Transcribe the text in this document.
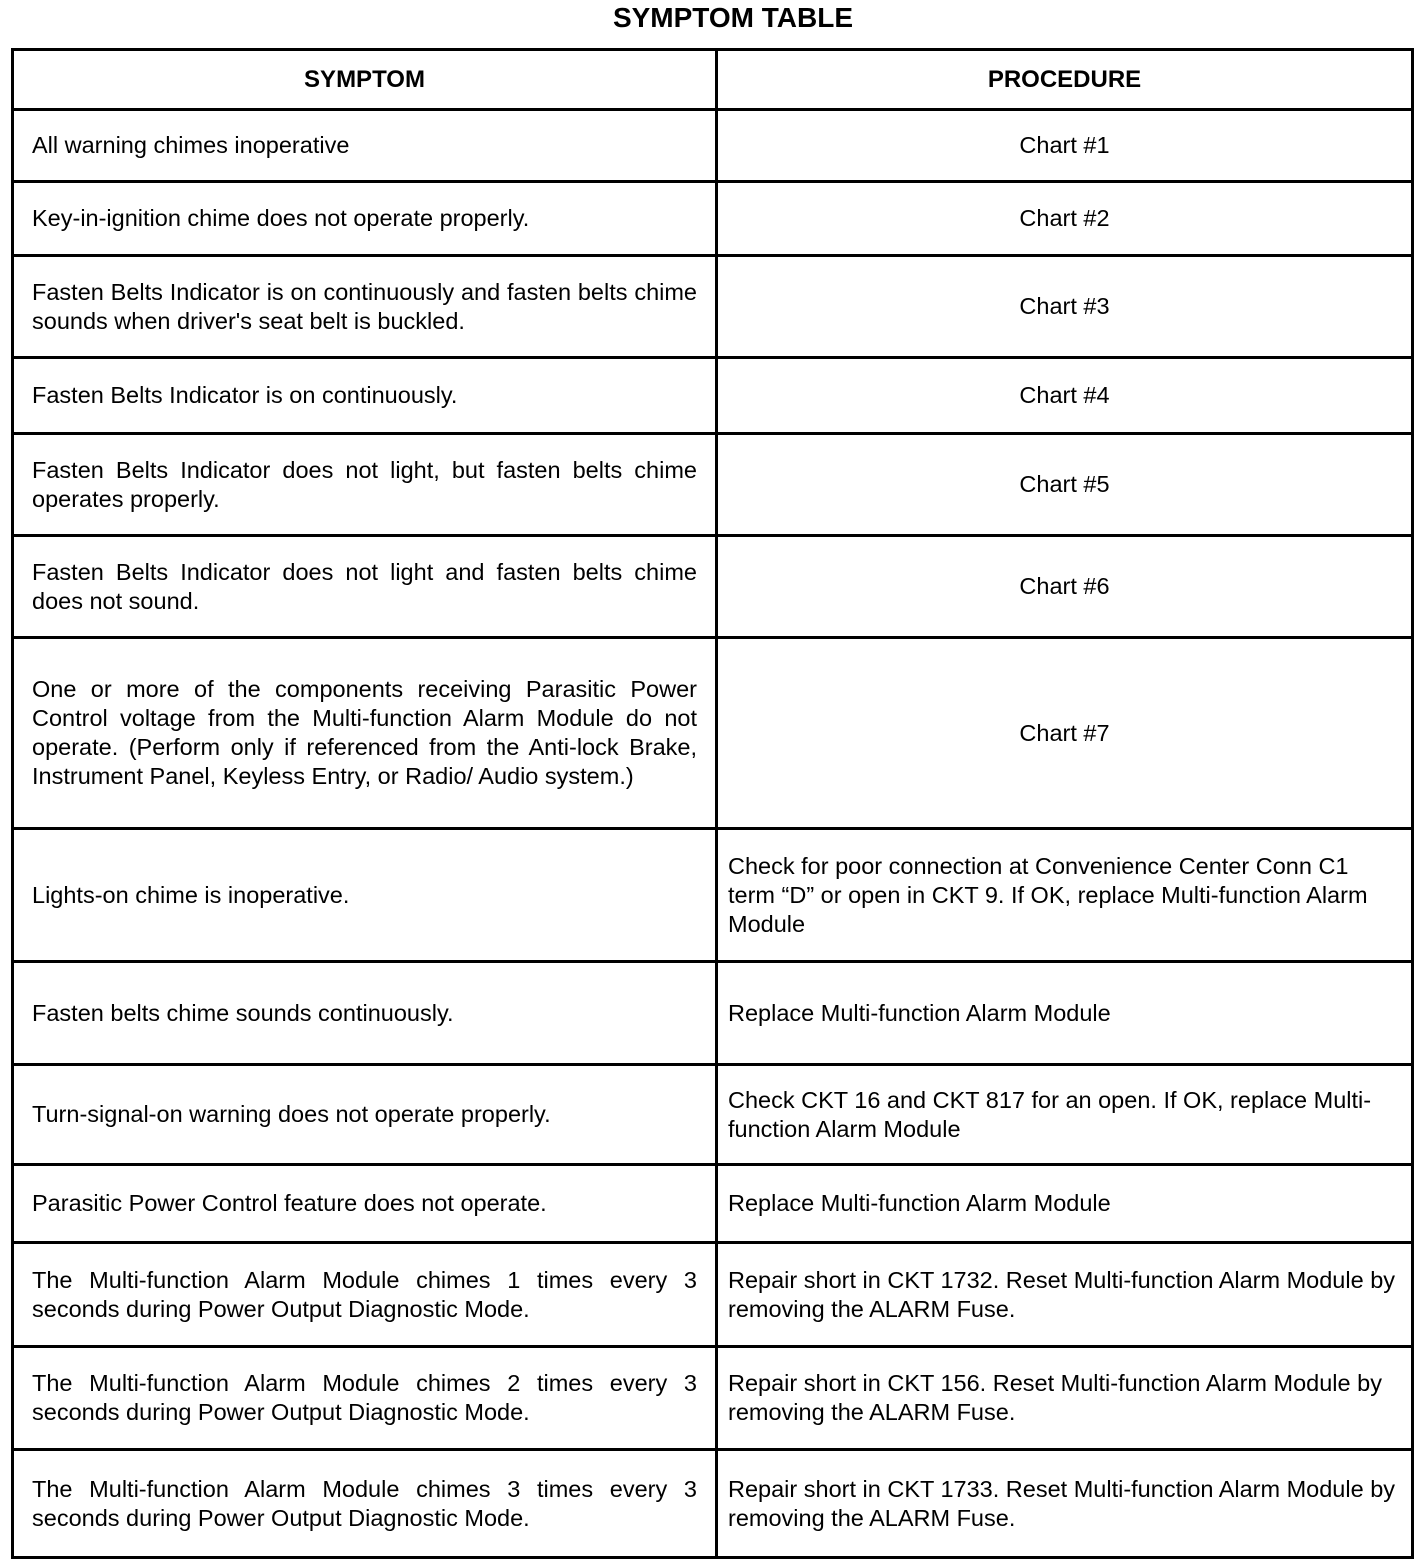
SYMPTOM TABLE
SYMPTOM	PROCEDURE
All warning chimes inoperative	Chart #1
Key-in-ignition chime does not operate properly.	Chart #2
Fasten Belts Indicator is on continuously and fasten belts chime sounds when driver's seat belt is buckled.	Chart #3
Fasten Belts Indicator is on continuously.	Chart #4
Fasten Belts Indicator does not light, but fasten belts chime operates properly.	Chart #5
Fasten Belts Indicator does not light and fasten belts chime does not sound.	Chart #6
One or more of the components receiving Parasitic Power Control voltage from the Multi-function Alarm Module do not operate. (Perform only if referenced from the Anti-lock Brake, Instrument Panel, Keyless Entry, or Radio/ Audio system.)	Chart #7
Lights-on chime is inoperative.	Check for poor connection at Convenience Center Conn C1 term “D” or open in CKT 9. If OK, replace Multi-function Alarm Module
Fasten belts chime sounds continuously.	Replace Multi-function Alarm Module
Turn-signal-on warning does not operate properly.	Check CKT 16 and CKT 817 for an open. If OK, replace Multi-function Alarm Module
Parasitic Power Control feature does not operate.	Replace Multi-function Alarm Module
The Multi-function Alarm Module chimes 1 times every 3 seconds during Power Output Diagnostic Mode.	Repair short in CKT 1732. Reset Multi-function Alarm Module by removing the ALARM Fuse.
The Multi-function Alarm Module chimes 2 times every 3 seconds during Power Output Diagnostic Mode.	Repair short in CKT 156. Reset Multi-function Alarm Module by removing the ALARM Fuse.
The Multi-function Alarm Module chimes 3 times every 3 seconds during Power Output Diagnostic Mode.	Repair short in CKT 1733. Reset Multi-function Alarm Module by removing the ALARM Fuse.
